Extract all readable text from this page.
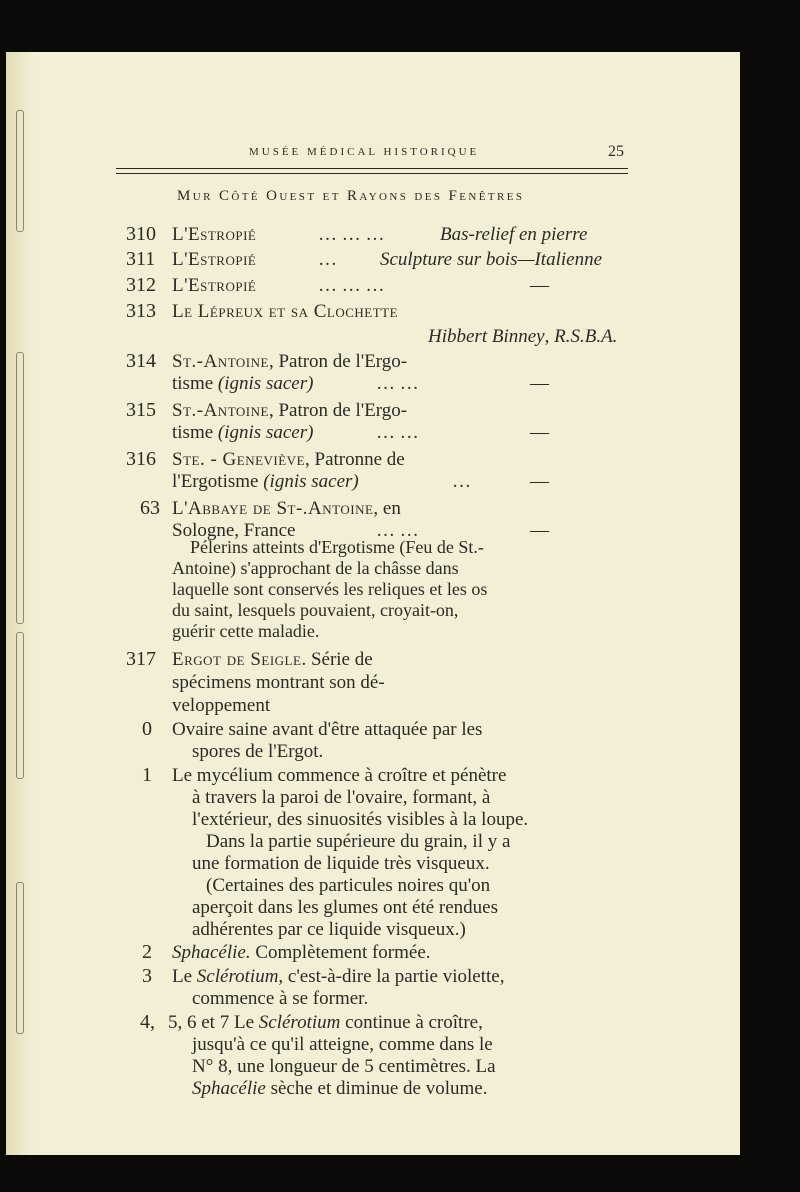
MUSÉE MÉDICAL HISTORIQUE	25
Mur Côté Ouest et Rayons des Fenêtres
310 L'Estropié	… … …	Bas-relief en pierre
311 L'Estropié	… Sculpture sur bois—Italienne
312 L'Estropié	… … …	—
313 Le Lépreux et sa Clochette
Hibbert Binney, R.S.B.A.
314 St.-Antoine, Patron de l'Ergo-
tisme (ignis sacer)	… …	—
315 St.-Antoine, Patron de l'Ergo-
tisme (ignis sacer)	… …	—
316 Ste. - Geneviève, Patronne de
l'Ergotisme (ignis sacer)	…	—
63 L'Abbaye de St-.Antoine, en
Sologne, France	… …	—
Pélerins atteints d'Ergotisme (Feu de St.-
Antoine) s'approchant de la châsse dans
laquelle sont conservés les reliques et les os
du saint, lesquels pouvaient, croyait-on,
guérir cette maladie.
317 Ergot de Seigle. Série de
spécimens montrant son dé-
veloppement
0 Ovaire saine avant d'être attaquée par les
spores de l'Ergot.
1 Le mycélium commence à croître et pénètre
à travers la paroi de l'ovaire, formant, à
l'extérieur, des sinuosités visibles à la loupe.
Dans la partie supérieure du grain, il y a
une formation de liquide très visqueux.
(Certaines des particules noires qu'on
aperçoit dans les glumes ont été rendues
adhérentes par ce liquide visqueux.)
2 Sphacélie. Complètement formée.
3 Le Sclérotium, c'est-à-dire la partie violette,
commence à se former.
4, 5, 6 et 7 Le Sclérotium continue à croître,
jusqu'à ce qu'il atteigne, comme dans le
N° 8, une longueur de 5 centimètres. La
Sphacélie sèche et diminue de volume.
